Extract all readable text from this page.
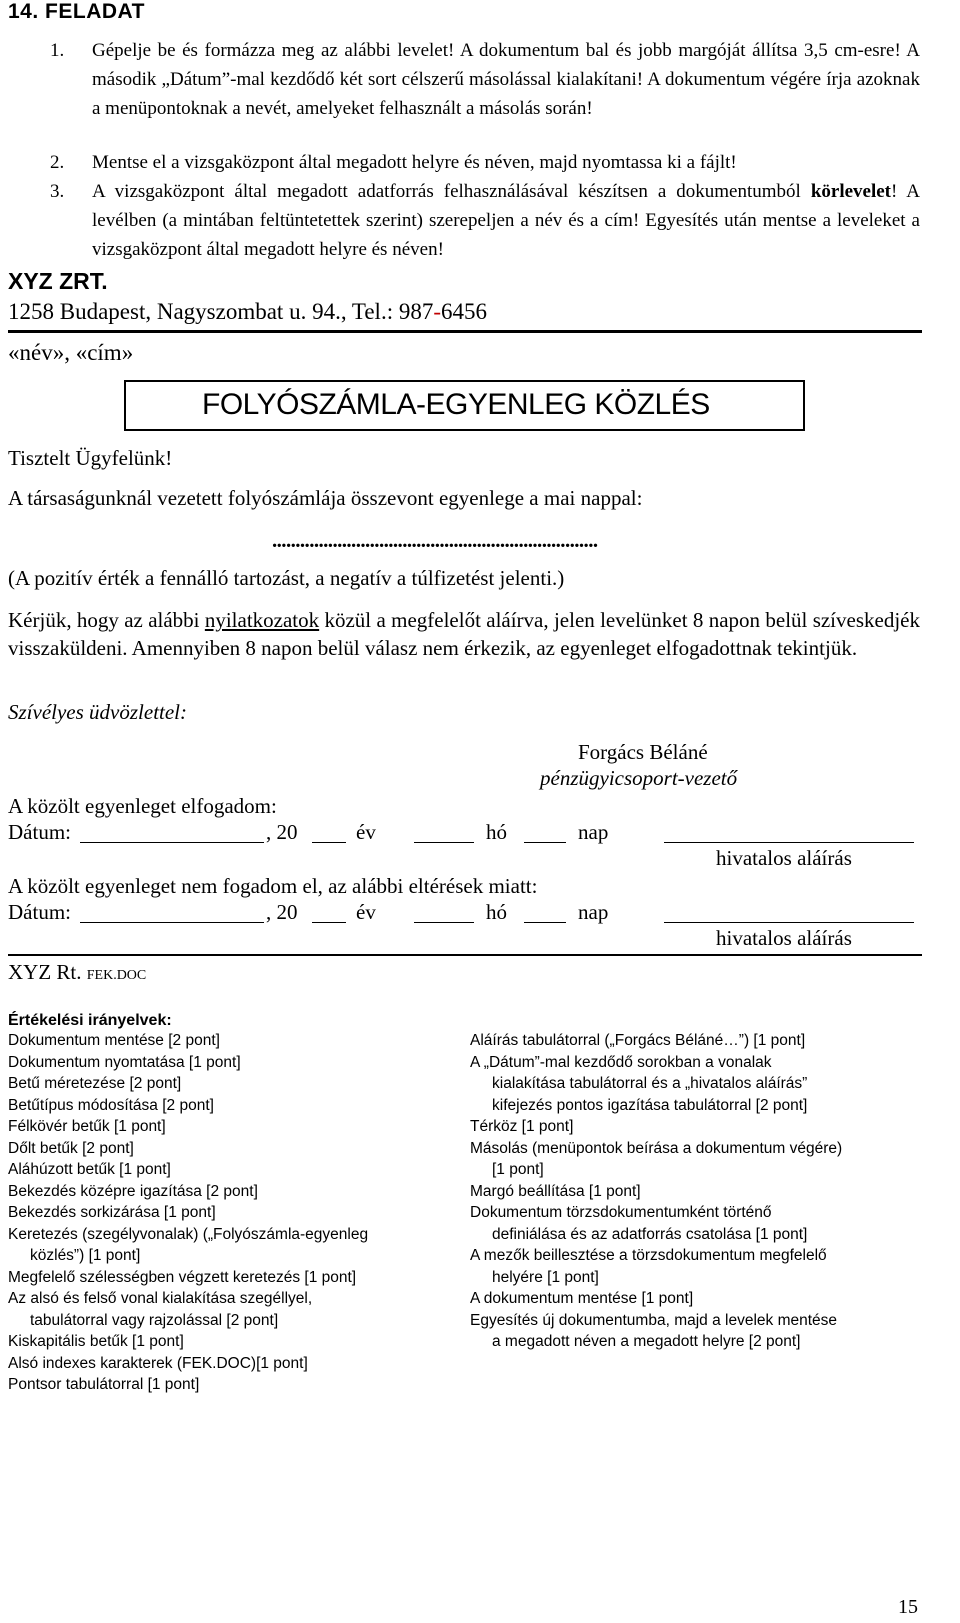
14. FELADAT
1.	Gépelje be és formázza meg az alábbi levelet! A dokumentum bal és jobb margóját állítsa 3,5 cm-esre! A második „Dátum”-mal kezdődő két sort célszerű másolással kialakítani! A dokumentum végére írja azoknak a menüpontoknak a nevét, amelyeket felhasznált a másolás során!
2.	Mentse el a vizsgaközpont által megadott helyre és néven, majd nyomtassa ki a fájlt!
3.	A vizsgaközpont által megadott adatforrás felhasználásával készítsen a dokumentumból körlevelet! A levélben (a mintában feltüntetettek szerint) szerepeljen a név és a cím! Egyesítés után mentse a leveleket a vizsgaközpont által megadott helyre és néven!
XYZ ZRT.
1258 Budapest, Nagyszombat u. 94., Tel.: 987-6456
«név», «cím»
FOLYÓSZÁMLA-EGYENLEG KÖZLÉS
Tisztelt Ügyfelünk!
A társaságunknál vezetett folyószámlája összevont egyenlege a mai nappal:
......................................................................
(A pozitív érték a fennálló tartozást, a negatív a túlfizetést jelenti.)
Kérjük, hogy az alábbi nyilatkozatok közül a megfelelőt aláírva, jelen levelünket 8 napon belül szíveskedjék visszaküldeni. Amennyiben 8 napon belül válasz nem érkezik, az egyenleget elfogadottnak tekintjük.
Szívélyes üdvözlettel:
Forgács Béláné
pénzügyicsoport-vezető
A közölt egyenleget elfogadom:
Dátum:	, 20	év	hó	nap
hivatalos aláírás
A közölt egyenleget nem fogadom el, az alábbi eltérések miatt:
Dátum:	, 20	év	hó	nap
hivatalos aláírás
XYZ Rt. FEK.DOC
Értékelési irányelvek:
Dokumentum mentése [2 pont]
Dokumentum nyomtatása [1 pont]
Betű méretezése [2 pont]
Betűtípus módosítása [2 pont]
Félkövér betűk [1 pont]
Dőlt betűk [2 pont]
Aláhúzott betűk [1 pont]
Bekezdés középre igazítása [2 pont]
Bekezdés sorkizárása [1 pont]
Keretezés (szegélyvonalak) („Folyószámla-egyenleg
közlés”) [1 pont]
Megfelelő szélességben végzett keretezés [1 pont]
Az alsó és felső vonal kialakítása szegéllyel,
tabulátorral vagy rajzolással [2 pont]
Kiskapitális betűk [1 pont]
Alsó indexes karakterek (FEK.DOC)[1 pont]
Pontsor tabulátorral [1 pont]
Aláírás tabulátorral („Forgács Béláné…”) [1 pont]
A „Dátum”-mal kezdődő sorokban a vonalak
kialakítása tabulátorral és a „hivatalos aláírás”
kifejezés pontos igazítása tabulátorral [2 pont]
Térköz [1 pont]
Másolás (menüpontok beírása a dokumentum végére)
[1 pont]
Margó beállítása [1 pont]
Dokumentum törzsdokumentumként történő
definiálása és az adatforrás csatolása [1 pont]
A mezők beillesztése a törzsdokumentum megfelelő
helyére [1 pont]
A dokumentum mentése [1 pont]
Egyesítés új dokumentumba, majd a levelek mentése
a megadott néven a megadott helyre [2 pont]
15
